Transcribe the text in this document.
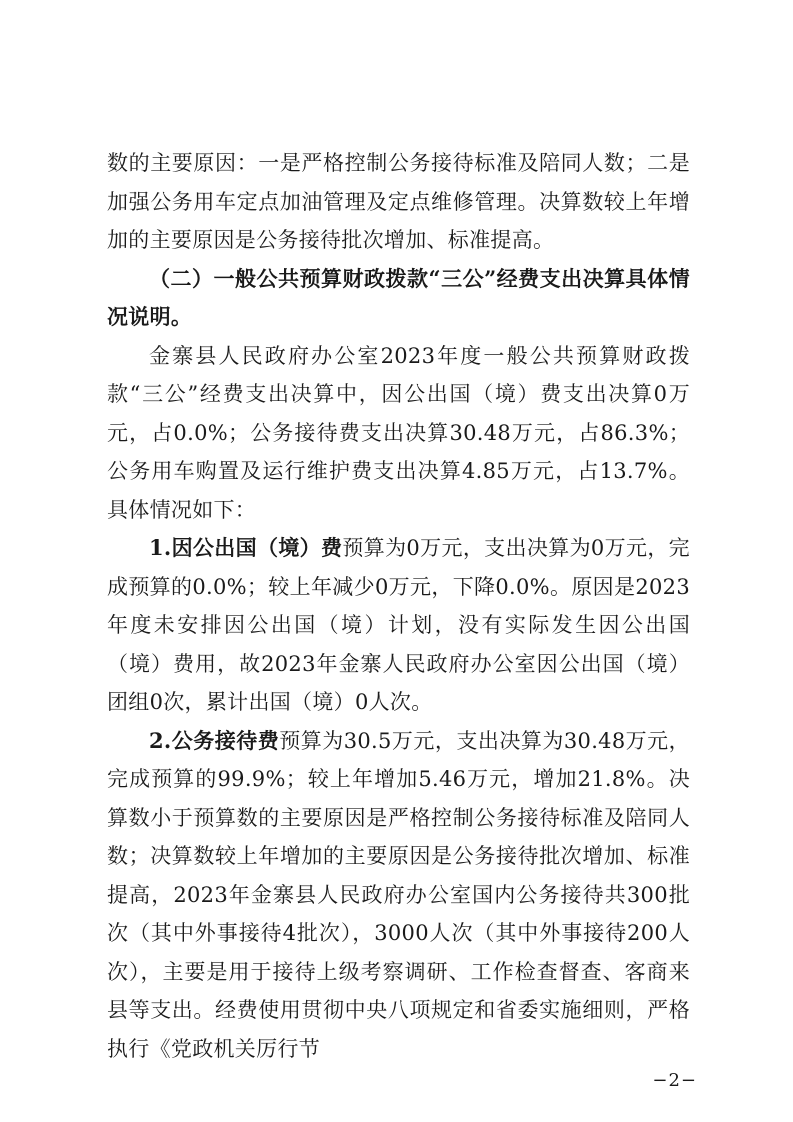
数的主要原因：一是严格控制公务接待标准及陪同人数；二是加强公务用车定点加油管理及定点维修管理。决算数较上年增加的主要原因是公务接待批次增加、标准提高。

（二）一般公共预算财政拨款“三公”经费支出决算具体情况说明。

金寨县人民政府办公室2023年度一般公共预算财政拨款“三公”经费支出决算中，因公出国（境）费支出决算0万元，占0.0%；公务接待费支出决算30.48万元，占86.3%；公务用车购置及运行维护费支出决算4.85万元，占13.7%。具体情况如下：

1.因公出国（境）费预算为0万元，支出决算为0万元，完成预算的0.0%；较上年减少0万元，下降0.0%。原因是2023年度未安排因公出国（境）计划，没有实际发生因公出国（境）费用，故2023年金寨人民政府办公室因公出国（境）团组0次，累计出国（境）0人次。

2.公务接待费预算为30.5万元，支出决算为30.48万元，完成预算的99.9%；较上年增加5.46万元，增加21.8%。决算数小于预算数的主要原因是严格控制公务接待标准及陪同人数；决算数较上年增加的主要原因是公务接待批次增加、标准提高，2023年金寨县人民政府办公室国内公务接待共300批次（其中外事接待4批次），3000人次（其中外事接待200人次），主要是用于接待上级考察调研、工作检查督查、客商来县等支出。经费使用贯彻中央八项规定和省委实施细则，严格执行《党政机关厉行节

−2−
